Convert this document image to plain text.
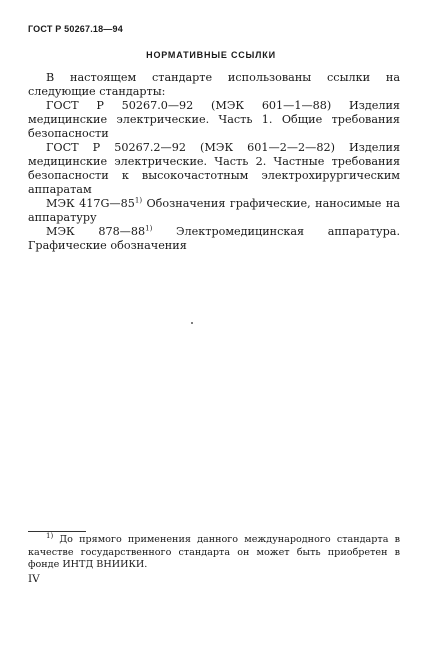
ГОСТ Р 50267.18—94
НОРМАТИВНЫЕ ССЫЛКИ

В настоящем стандарте использованы ссылки на следующие стандарты:

ГОСТ Р 50267.0—92 (МЭК 601—1—88) Изделия медицинские электрические. Часть 1. Общие требования безопасности

ГОСТ Р 50267.2—92 (МЭК 601—2—2—82) Изделия медицинские электрические. Часть 2. Частные требования безопасности к высокочастотным электрохирургическим аппаратам

МЭК 417G—85$^{1)}$ Обозначения графические, наносимые на аппаратуру

МЭК 878—88$^{1)}$ Электромедицинская аппаратура. Графические обозначения

$^{1)}$ До прямого применения данного международного стандарта в качестве государственного стандарта он может быть приобретен в фонде ИНТД ВНИИКИ.
IV
